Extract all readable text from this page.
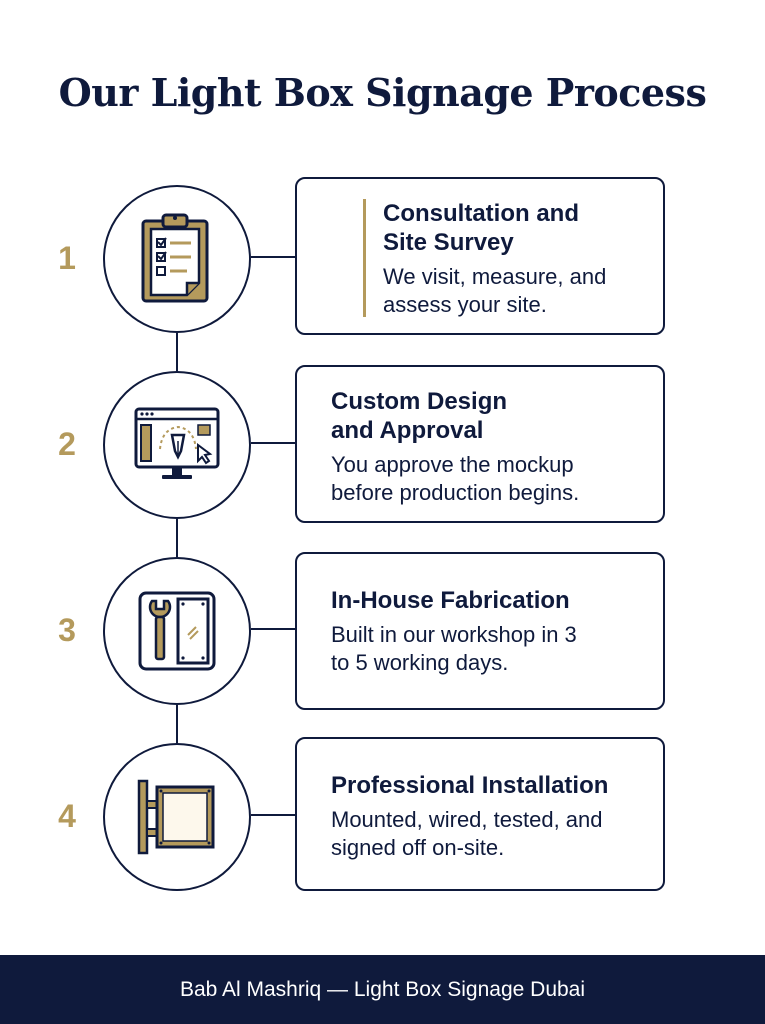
Our Light Box Signage Process
1

Consultation and
Site Survey

We visit, measure, and
assess your site.

2

Custom Design
and Approval

You approve the mockup
before production begins.

3

In-House Fabrication

Built in our workshop in 3
to 5 working days.

4

Professional Installation

Mounted, wired, tested, and
signed off on-site.

Bab Al Mashriq — Light Box Signage Dubai
